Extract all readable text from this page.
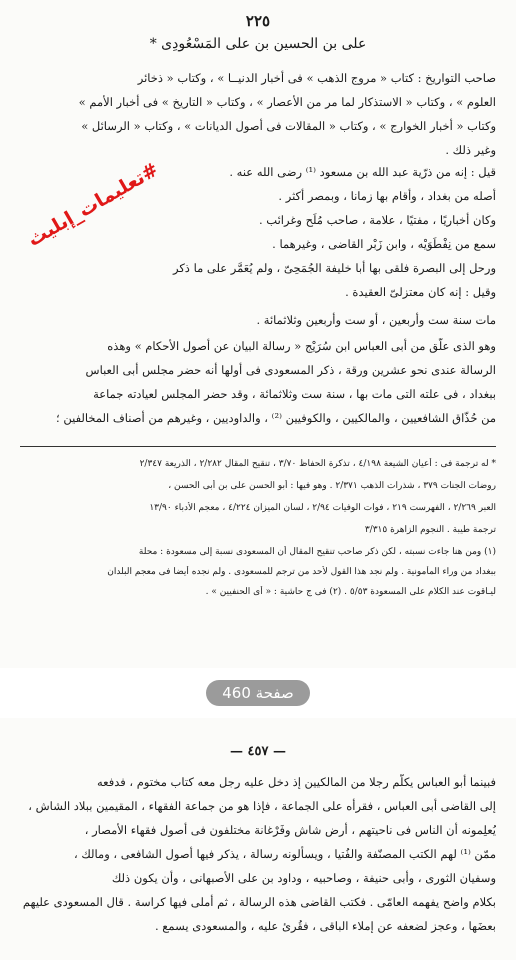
٢٢٥
على بن الحسين بن على المَسْعُودِى *
صاحب التواريخ : كتاب « مروج الذهب » فى أخبار الدنيــا » ، وكتاب « ذخائر
العلوم » ، وكتاب « الاستذكار لما مر من الأعصار » ، وكتاب « التاريخ » فى أخبار الأمم »
وكتاب « أخبار الخوارج » ، وكتاب « المقالات فى أصول الديانات » ، وكتاب « الرسائل »
وغير ذلك .
قيل : إنه من ذرّية عبد الله بن مسعود ⁽¹⁾ رضى الله عنه .
أصله من بغداد ، وأقام بها زمانا ، وبمصر أكثر .
وكان أخباريًا ، مفتيًا ، علامة ، صاحب مُلَح وغرائب .
سمع من نِفْطَوَيْه ، وابن زَبْر القاضى ، وغيرهما .
ورحل إلى البصرة فلقى بها أبا خليفة الجُمَحِىّ ، ولم يُعَمَّر على ما ذكر
وقيل : إنه كان معتزلىّ العقيدة .
مات سنة ست وأربعين ، أو ست وأربعين وثلاثمائة .
وهو الذى علّق من أبى العباس ابن سُرَيْج « رسالة البيان عن أصول الأحكام » وهذه
الرسالة عندى نحو عشرين ورقة ، ذكر المسعودى فى أولها أنه حضر مجلس أبى العباس
ببغداد ، فى علته التى مات بها ، سنة ست وثلاثمائة ، وقد حضر المجلس لعيادته جماعة
من حُذّاق الشافعيين ، والمالكيين ، والكوفيين ⁽²⁾ ، والداوديين ، وغيرهم من أصناف المخالفين ؛
* له ترجمة فى : أعيان الشيعة ٤/١٩٨ ، تذكرة الحفاظ ٣/٧٠ ، تنقيح المقال ٢/٢٨٢ ، الذريعة ٢/٣٤٧
روضات الجنات ٣٧٩ ، شذرات الذهب ٢/٣٧١ . وهو فيها : أبو الحسن على بن أبى الحسن ،
العبر ٢/٢٦٩ ، الفهرست ٢١٩ ، فوات الوفيات ٢/٩٤ ، لسان الميزان ٤/٢٢٤ ، معجم الأدباء ١٣/٩٠
ترجمة طيبة . النجوم الزاهرة ٣/٣١٥
(١) ومن هنا جاءت نسبته ، لكن ذكر صاحب تنقيح المقال أن المسعودى نسبة إلى مسعودة : محلة
ببغداد من وراء المأمونية . ولم نجد هذا القول لأحد من ترجم للمسعودى . ولم نجده أيضا فى معجم البلدان
ليـاقوت عند الكلام على المسعودة ٥/٥٣ . (٢) فى ج حاشية : « أى الحنفيين » .
#تعليمات_إبليث
صفحة 460
— ٤٥٧ —
فبينما أبو العباس يكلّم رجلا من المالكيين إذ دخل عليه رجل معه كتاب مختوم ، فدفعه
إلى القاضى أبى العباس ، فقرأه على الجماعة ، فإذا هو من جماعة الفقهاء ، المقيمين ببلاد الشاش ،
يُعلِمونه أن الناس فى ناحيتهم ، أرض شاش وفَرْغانة مختلفون فى أصول فقهاء الأمصار ،
ممّن ⁽¹⁾ لهم الكتب المصنّفة والفُتيا ، ويسألونه رسالة ، يذكر فيها أصول الشافعى ، ومالك ،
وسفيان الثورى ، وأبى حنيفة ، وصاحبيه ، وداود بن على الأصبهانى ، وأن يكون ذلك
بكلام واضح يفهمه العامّى . فكتب القاضى هذه الرسالة ، ثم أملى فيها كراسة . قال المسعودى عليهم
بعضَها ، وعجز لضعفه عن إملاء الباقى ، فقُرئ عليه ، والمسعودى يسمع .
